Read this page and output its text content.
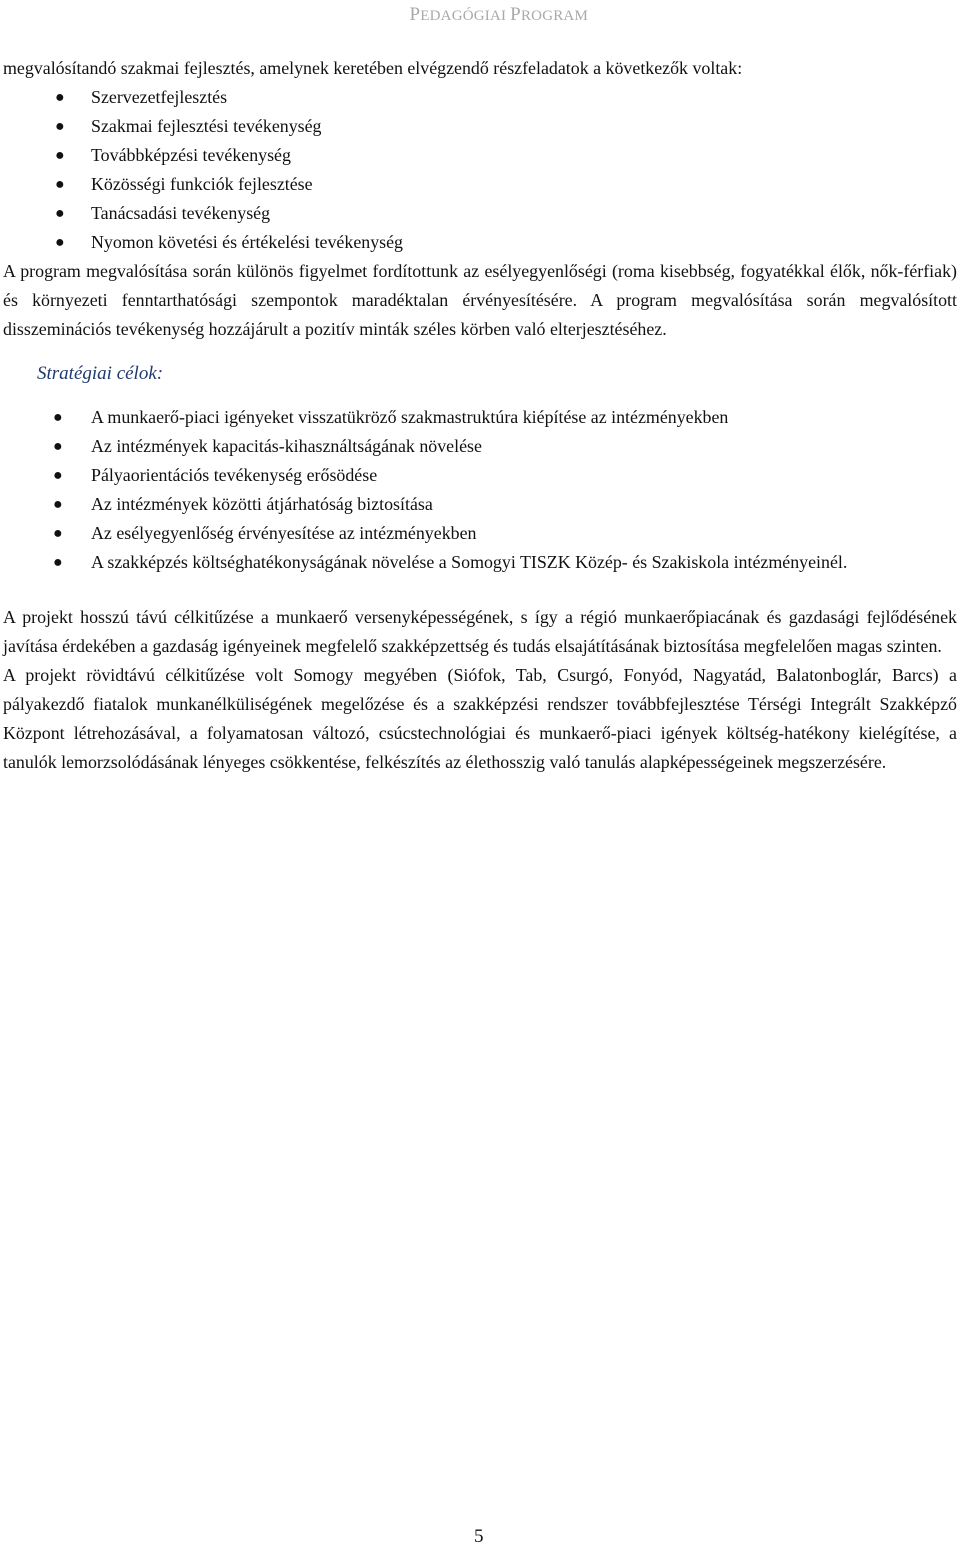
PEDAGÓGIAI PROGRAM

megvalósítandó szakmai fejlesztés, amelynek keretében elvégzendő részfeladatok a következők voltak:

● Szervezetfejlesztés
● Szakmai fejlesztési tevékenység
● Továbbképzési tevékenység
● Közösségi funkciók fejlesztése
● Tanácsadási tevékenység
● Nyomon követési és értékelési tevékenység

A program megvalósítása során különös figyelmet fordítottunk az esélyegyenlőségi (roma kisebbség, fogyatékkal élők, nők-férfiak) és környezeti fenntarthatósági szempontok maradéktalan érvényesítésére. A program megvalósítása során megvalósított disszeminációs tevékenység hozzájárult a pozitív minták széles körben való elterjesztéséhez.

Stratégiai célok:
● A munkaerő-piaci igényeket visszatükröző szakmastruktúra kiépítése az intézményekben
● Az intézmények kapacitás-kihasználtságának növelése
● Pályaorientációs tevékenység erősödése
● Az intézmények közötti átjárhatóság biztosítása
● Az esélyegyenlőség érvényesítése az intézményekben
● A szakképzés költséghatékonyságának növelése a Somogyi TISZK Közép- és Szakiskola intézményeinél.

A projekt hosszú távú célkitűzése a munkaerő versenyképességének, s így a régió munkaerőpiacának és gazdasági fejlődésének javítása érdekében a gazdaság igényeinek megfelelő szakképzettség és tudás elsajátításának biztosítása megfelelően magas szinten.

A projekt rövidtávú célkitűzése volt Somogy megyében (Siófok, Tab, Csurgó, Fonyód, Nagyatád, Balatonboglár, Barcs) a pályakezdő fiatalok munkanélküliségének megelőzése és a szakképzési rendszer továbbfejlesztése Térségi Integrált Szakképző Központ létrehozásával, a folyamatosan változó, csúcstechnológiai és munkaerő-piaci igények költség-hatékony kielégítése, a tanulók lemorzsolódásának lényeges csökkentése, felkészítés az élethosszig való tanulás alapképességeinek megszerzésére.

5
